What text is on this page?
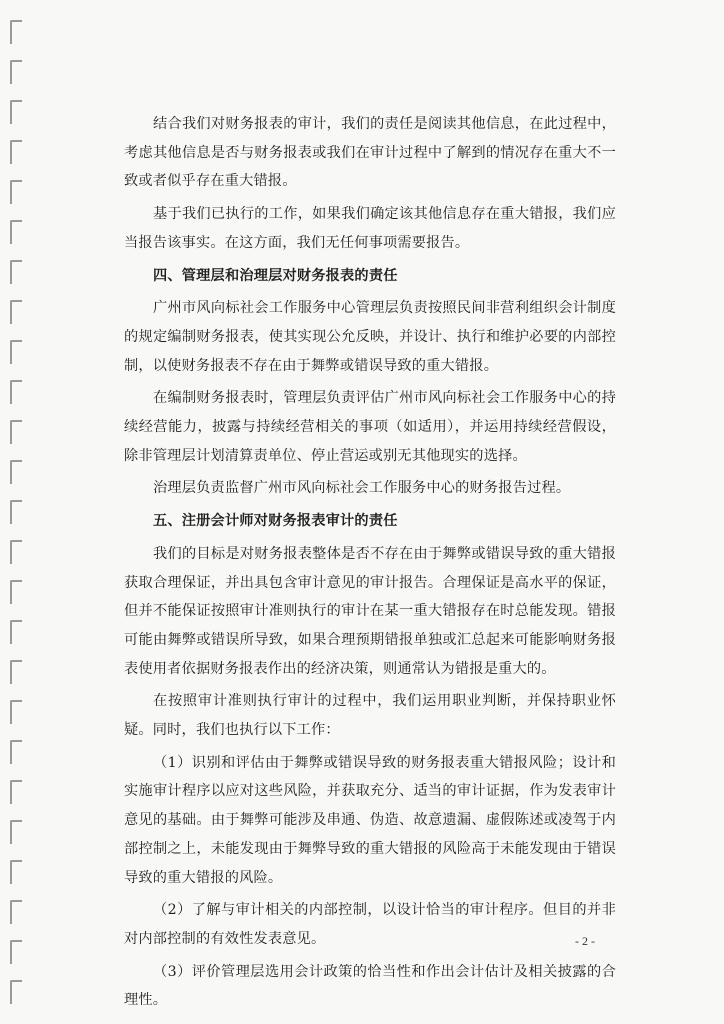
结合我们对财务报表的审计，我们的责任是阅读其他信息，在此过程中，考虑其他信息是否与财务报表或我们在审计过程中了解到的情况存在重大不一致或者似乎存在重大错报。

基于我们已执行的工作，如果我们确定该其他信息存在重大错报，我们应当报告该事实。在这方面，我们无任何事项需要报告。

四、管理层和治理层对财务报表的责任

广州市风向标社会工作服务中心管理层负责按照民间非营利组织会计制度的规定编制财务报表，使其实现公允反映，并设计、执行和维护必要的内部控制，以使财务报表不存在由于舞弊或错误导致的重大错报。

在编制财务报表时，管理层负责评估广州市风向标社会工作服务中心的持续经营能力，披露与持续经营相关的事项（如适用），并运用持续经营假设，除非管理层计划清算责单位、停止营运或别无其他现实的选择。

治理层负责监督广州市风向标社会工作服务中心的财务报告过程。

五、注册会计师对财务报表审计的责任

我们的目标是对财务报表整体是否不存在由于舞弊或错误导致的重大错报获取合理保证，并出具包含审计意见的审计报告。合理保证是高水平的保证，但并不能保证按照审计准则执行的审计在某一重大错报存在时总能发现。错报可能由舞弊或错误所导致，如果合理预期错报单独或汇总起来可能影响财务报表使用者依据财务报表作出的经济决策，则通常认为错报是重大的。

在按照审计准则执行审计的过程中，我们运用职业判断，并保持职业怀疑。同时，我们也执行以下工作：

（1）识别和评估由于舞弊或错误导致的财务报表重大错报风险；设计和实施审计程序以应对这些风险，并获取充分、适当的审计证据，作为发表审计意见的基础。由于舞弊可能涉及串通、伪造、故意遗漏、虚假陈述或凌驾于内部控制之上，未能发现由于舞弊导致的重大错报的风险高于未能发现由于错误导致的重大错报的风险。

（2）了解与审计相关的内部控制，以设计恰当的审计程序。但目的并非对内部控制的有效性发表意见。

（3）评价管理层选用会计政策的恰当性和作出会计估计及相关披露的合理性。

- 2 -
